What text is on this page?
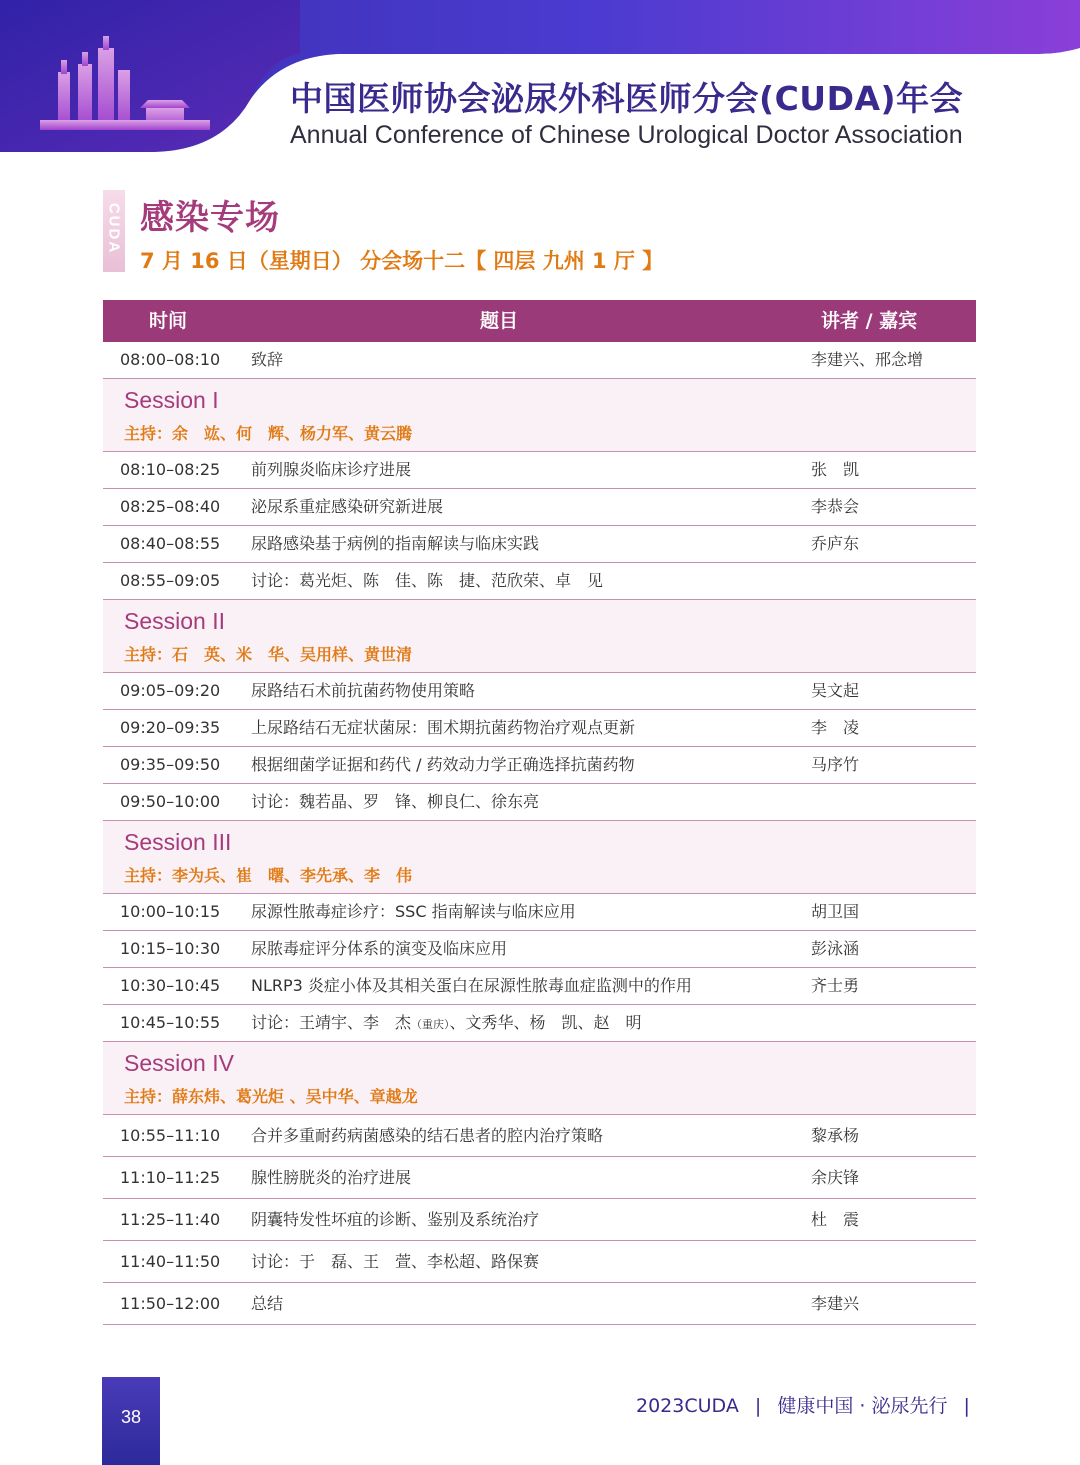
中国医师协会泌尿外科医师分会(CUDA)年会
Annual Conference of Chinese Urological Doctor Association
CUDA 感染专场
7 月 16 日（星期日） 分会场十二【 四层 九州 1 厅 】
时间	题目	讲者 / 嘉宾
08:00–08:10 致辞	李建兴、邢念增
Session I
主持：余　竑、何　辉、杨力军、黄云腾
08:10–08:25 前列腺炎临床诊疗进展	张　凯
08:25–08:40 泌尿系重症感染研究新进展	李恭会
08:40–08:55 尿路感染基于病例的指南解读与临床实践	乔庐东
08:55–09:05 讨论：葛光炬、陈　佳、陈　捷、范欣荣、卓　见
Session II
主持：石　英、米　华、吴用样、黄世清
09:05–09:20 尿路结石术前抗菌药物使用策略	吴文起
09:20–09:35 上尿路结石无症状菌尿：围术期抗菌药物治疗观点更新	李　凌
09:35–09:50 根据细菌学证据和药代 / 药效动力学正确选择抗菌药物	马序竹
09:50–10:00 讨论：魏若晶、罗　锋、柳良仁、徐东亮
Session III
主持：李为兵、崔　曙、李先承、李　伟
10:00–10:15 尿源性脓毒症诊疗：SSC 指南解读与临床应用	胡卫国
10:15–10:30 尿脓毒症评分体系的演变及临床应用	彭泳涵
10:30–10:45 NLRP3 炎症小体及其相关蛋白在尿源性脓毒血症监测中的作用	齐士勇
10:45–10:55 讨论：王靖宇、李　杰（重庆）、文秀华、杨　凯、赵　明
Session IV
主持：薛东炜、葛光炬 、吴中华、章越龙
10:55–11:10 合并多重耐药病菌感染的结石患者的腔内治疗策略	黎承杨
11:10–11:25 腺性膀胱炎的治疗进展	余庆锋
11:25–11:40 阴囊特发性坏疽的诊断、鉴别及系统治疗	杜　震
11:40–11:50 讨论：于　磊、王　萱、李松超、路保赛
11:50–12:00 总结	李建兴
38	2023CUDA | 健康中国 · 泌尿先行 |
